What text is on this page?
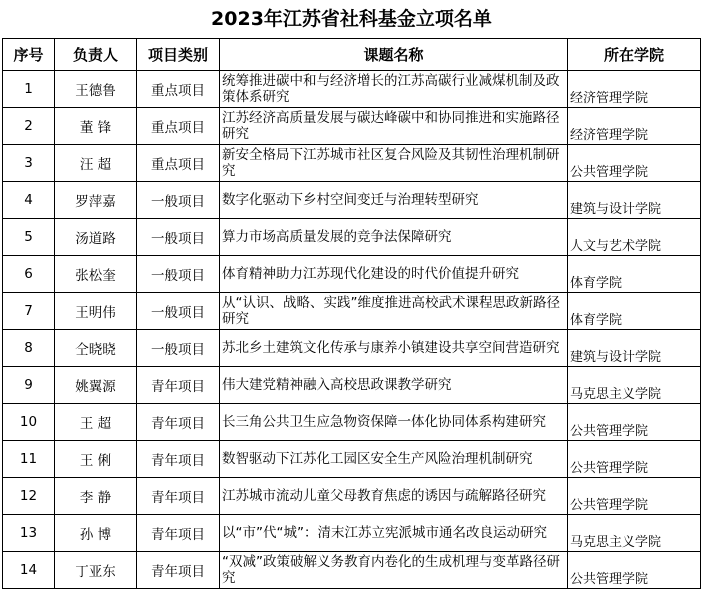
2023年江苏省社科基金立项名单
序号	负责人	项目类别	课题名称	所在学院
1	王德鲁	重点项目	统筹推进碳中和与经济增长的江苏高碳行业减煤机制及政策体系研究	经济管理学院
2	董 锋	重点项目	江苏经济高质量发展与碳达峰碳中和协同推进和实施路径研究	经济管理学院
3	汪 超	重点项目	新安全格局下江苏城市社区复合风险及其韧性治理机制研究	公共管理学院
4	罗萍嘉	一般项目	数字化驱动下乡村空间变迁与治理转型研究	建筑与设计学院
5	汤道路	一般项目	算力市场高质量发展的竞争法保障研究	人文与艺术学院
6	张松奎	一般项目	体育精神助力江苏现代化建设的时代价值提升研究	体育学院
7	王明伟	一般项目	从“认识、战略、实践”维度推进高校武术课程思政新路径研究	体育学院
8	仝晓晓	一般项目	苏北乡土建筑文化传承与康养小镇建设共享空间营造研究	建筑与设计学院
9	姚翼源	青年项目	伟大建党精神融入高校思政课教学研究	马克思主义学院
10	王 超	青年项目	长三角公共卫生应急物资保障一体化协同体系构建研究	公共管理学院
11	王 俐	青年项目	数智驱动下江苏化工园区安全生产风险治理机制研究	公共管理学院
12	李 静	青年项目	江苏城市流动儿童父母教育焦虑的诱因与疏解路径研究	公共管理学院
13	孙 博	青年项目	以“市”代“城”：清末江苏立宪派城市通名改良运动研究	马克思主义学院
14	丁亚东	青年项目	“双减”政策破解义务教育内卷化的生成机理与变革路径研究	公共管理学院
